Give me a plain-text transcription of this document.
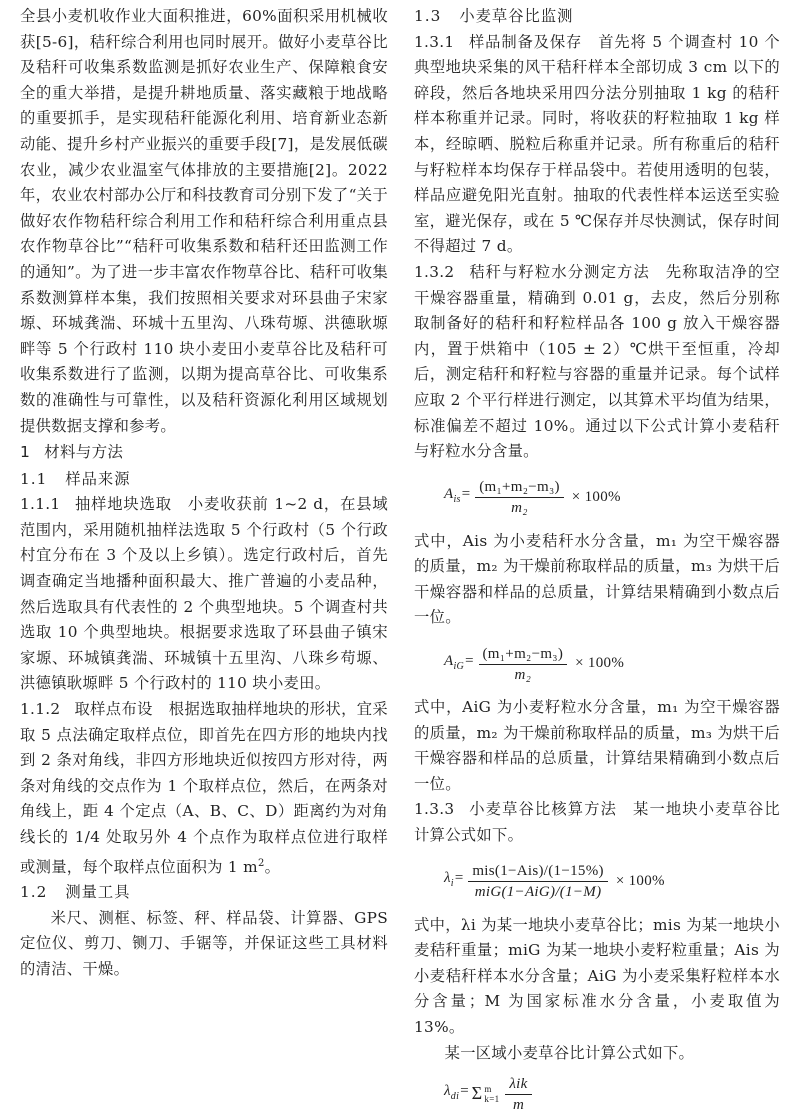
全县小麦机收作业大面积推进，60%面积采用机械收获[5-6]，秸秆综合利用也同时展开。做好小麦草谷比及秸秆可收集系数监测是抓好农业生产、保障粮食安全的重大举措，是提升耕地质量、落实藏粮于地战略的重要抓手，是实现秸秆能源化利用、培育新业态新动能、提升乡村产业振兴的重要手段[7]，是发展低碳农业，减少农业温室气体排放的主要措施[2]。2022 年，农业农村部办公厅和科技教育司分别下发了“关于做好农作物秸秆综合利用工作和秸秆综合利用重点县农作物草谷比”“秸秆可收集系数和秸秆还田监测工作的通知”。为了进一步丰富农作物草谷比、秸秆可收集系数测算样本集，我们按照相关要求对环县曲子宋家塬、环城龚湍、环城十五里沟、八珠苟塬、洪德耿塬畔等 5 个行政村 110 块小麦田小麦草谷比及秸秆可收集系数进行了监测，以期为提高草谷比、可收集系数的准确性与可靠性，以及秸秆资源化利用区域规划提供数据支撑和参考。

1 材料与方法

1.1 样品来源

1.1.1 抽样地块选取 小麦收获前 1~2 d，在县域范围内，采用随机抽样法选取 5 个行政村（5 个行政村宜分布在 3 个及以上乡镇）。选定行政村后，首先调查确定当地播种面积最大、推广普遍的小麦品种，然后选取具有代表性的 2 个典型地块。5 个调查村共选取 10 个典型地块。根据要求选取了环县曲子镇宋家塬、环城镇龚湍、环城镇十五里沟、八珠乡苟塬、洪德镇耿塬畔 5 个行政村的 110 块小麦田。

1.1.2 取样点布设 根据选取抽样地块的形状，宜采取 5 点法确定取样点位，即首先在四方形的地块内找到 2 条对角线，非四方形地块近似按四方形对待，两条对角线的交点作为 1 个取样点位，然后，在两条对角线上，距 4 个定点（A、B、C、D）距离约为对角线长的 1/4 处取另外 4 个点作为取样点位进行取样或测量，每个取样点位面积为 1 $m^2$。

1.2 测量工具

米尺、测框、标签、秤、样品袋、计算器、GPS 定位仪、剪刀、铡刀、手锯等，并保证这些工具材料的清洁、干燥。

1.3 小麦草谷比监测

1.3.1 样品制备及保存 首先将 5 个调查村 10 个典型地块采集的风干秸秆样本全部切成 3 cm 以下的碎段，然后各地块采用四分法分别抽取 1 kg 的秸秆样本称重并记录。同时，将收获的籽粒抽取 1 kg 样本，经晾晒、脱粒后称重并记录。所有称重后的秸秆与籽粒样本均保存于样品袋中。若使用透明的包装，样品应避免阳光直射。抽取的代表性样本运送至实验室，避光保存，或在 5 ℃保存并尽快测试，保存时间不得超过 7 d。

1.3.2 秸秆与籽粒水分测定方法 先称取洁净的空干燥容器重量，精确到 0.01 g，去皮，然后分别称取制备好的秸秆和籽粒样品各 100 g 放入干燥容器内，置于烘箱中（105 ± 2）℃烘干至恒重，冷却后，测定秸秆和籽粒与容器的重量并记录。每个试样应取 2 个平行样进行测定，以其算术平均值为结果，标准偏差不超过 10%。通过以下公式计算小麦秸秆与籽粒水分含量。

$A_{is}= \frac{\text{(m₁+m₂−m₃)}}{\text{m₂}} \times 100\%$

式中，Ais 为小麦秸秆水分含量，m₁ 为空干燥容器的质量，m₂ 为干燥前称取样品的质量，m₃ 为烘干后干燥容器和样品的总质量，计算结果精确到小数点后一位。

$A_{iG}= \frac{\text{(m₁+m₂−m₃)}}{\text{m₂}} \times 100\%$

式中，AiG 为小麦籽粒水分含量，m₁ 为空干燥容器的质量，m₂ 为干燥前称取样品的质量，m₃ 为烘干后干燥容器和样品的总质量，计算结果精确到小数点后一位。

1.3.3 小麦草谷比核算方法 某一地块小麦草谷比计算公式如下。

$\lambda_i= \frac{\text{mis(1−Ais)/(1−15\%)}}{\text{miG(1−AiG)/(1−M)}} \times 100\%$

式中，λi 为某一地块小麦草谷比；mis 为某一地块小麦秸秆重量；miG 为某一地块小麦籽粒重量；Ais 为小麦秸秆样本水分含量；AiG 为小麦采集籽粒样本水分含量；M 为国家标准水分含量，小麦取值为 13%。

某一区域小麦草谷比计算公式如下。

$\lambda_{di}= \Sigma$ m
$k=1 \frac{\text{λik}}{m}$
